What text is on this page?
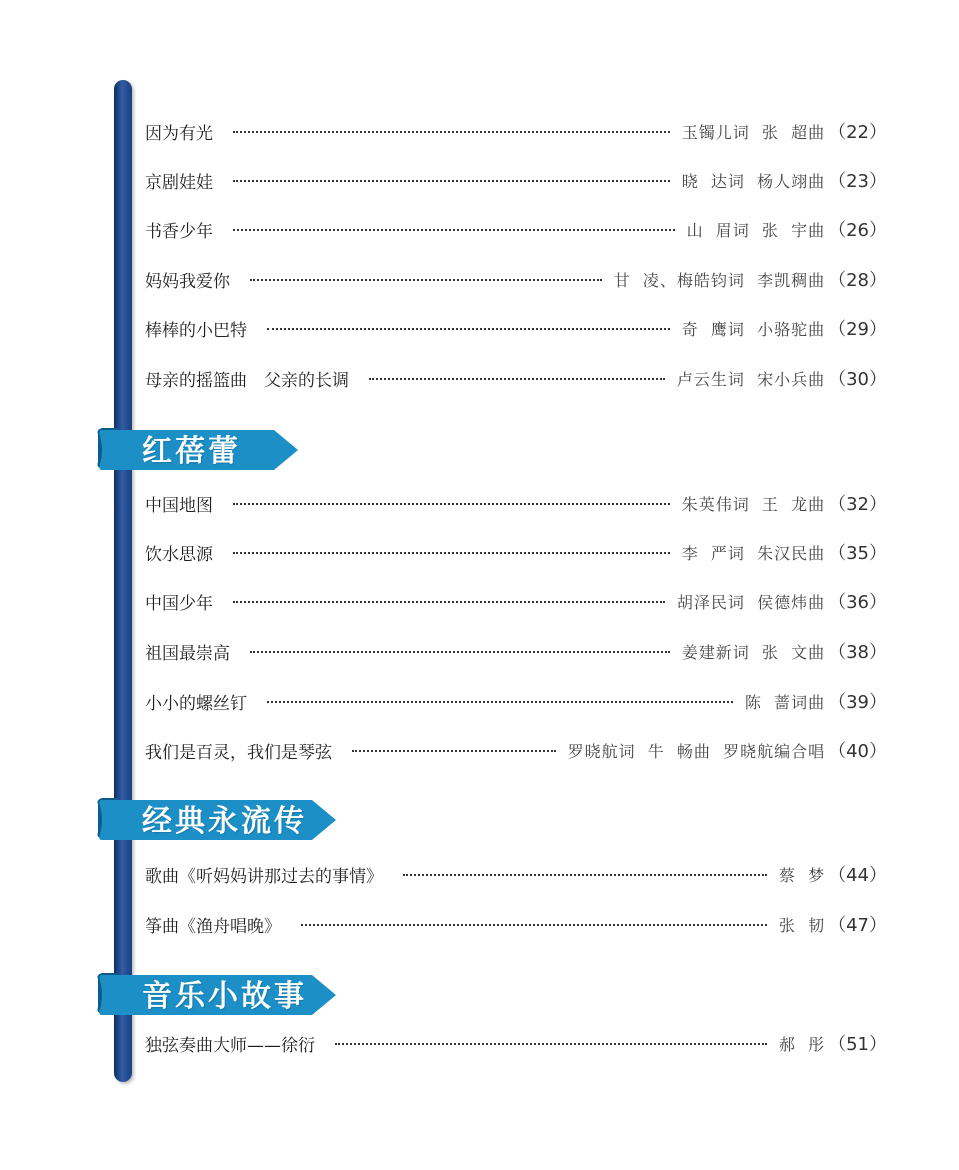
因为有光	玉镯儿词  张  超曲 （22）
京剧娃娃	晓  达词  杨人翊曲 （23）
书香少年	山  眉词  张  宇曲 （26）
妈妈我爱你	甘  凌、梅皓钧词  李凯稠曲 （28）
棒棒的小巴特	奇  鹰词  小骆驼曲 （29）
母亲的摇篮曲　父亲的长调	卢云生词  宋小兵曲 （30）
红蓓蕾
中国地图	朱英伟词  王  龙曲 （32）
饮水思源	李  严词  朱汉民曲 （35）
中国少年	胡泽民词  侯德炜曲 （36）
祖国最崇高	姜建新词  张  文曲 （38）
小小的螺丝钉	陈  蔷词曲 （39）
我们是百灵，我们是琴弦	罗晓航词  牛  畅曲  罗晓航编合唱 （40）
经典永流传
歌曲《听妈妈讲那过去的事情》	蔡  梦 （44）
筝曲《渔舟唱晚》	张  韧 （47）
音乐小故事
独弦奏曲大师——徐衍	郝  彤 （51）
